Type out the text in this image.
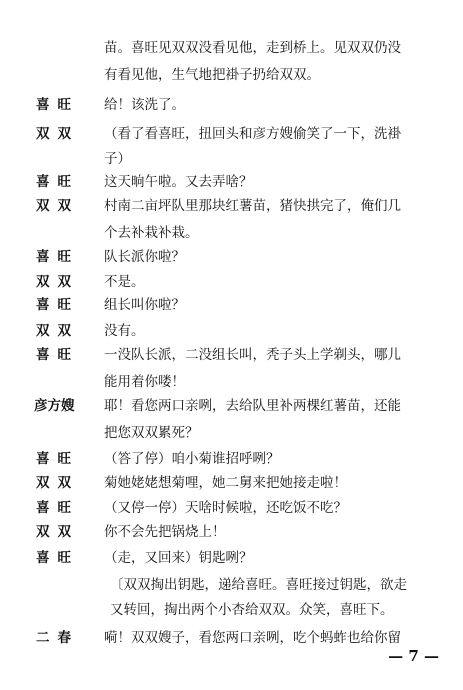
苗。喜旺见双双没看见他，走到桥上。见双双仍没
有看见他，生气地把褂子扔给双双。
喜旺	给！该洗了。
双双	（看了看喜旺，扭回头和彦方嫂偷笑了一下，洗褂
子）
喜旺	这天晌午啦。又去弄啥？
双双	村南二亩坪队里那块红薯苗，猪快拱完了，俺们几
个去补栽补栽。
喜旺	队长派你啦？
双双	不是。
喜旺	组长叫你啦？
双双	没有。
喜旺	一没队长派，二没组长叫，秃子头上学剃头，哪儿
能用着你喽！
彦方嫂	耶！看您两口亲咧，去给队里补两棵红薯苗，还能
把您双双累死？
喜旺	（答了停）咱小菊谁招呼咧？
双双	菊她姥姥想菊哩，她二舅来把她接走啦！
喜旺	（又停一停）天啥时候啦，还吃饭不吃？
双双	你不会先把锅烧上！
喜旺	（走，又回来）钥匙咧？
〔双双掏出钥匙，递给喜旺。喜旺接过钥匙，欲走
又转回，掏出两个小杏给双双。众笑，喜旺下。
二春	嗬！双双嫂子，看您两口亲咧，吃个蚂蚱也给你留
— 7 —
